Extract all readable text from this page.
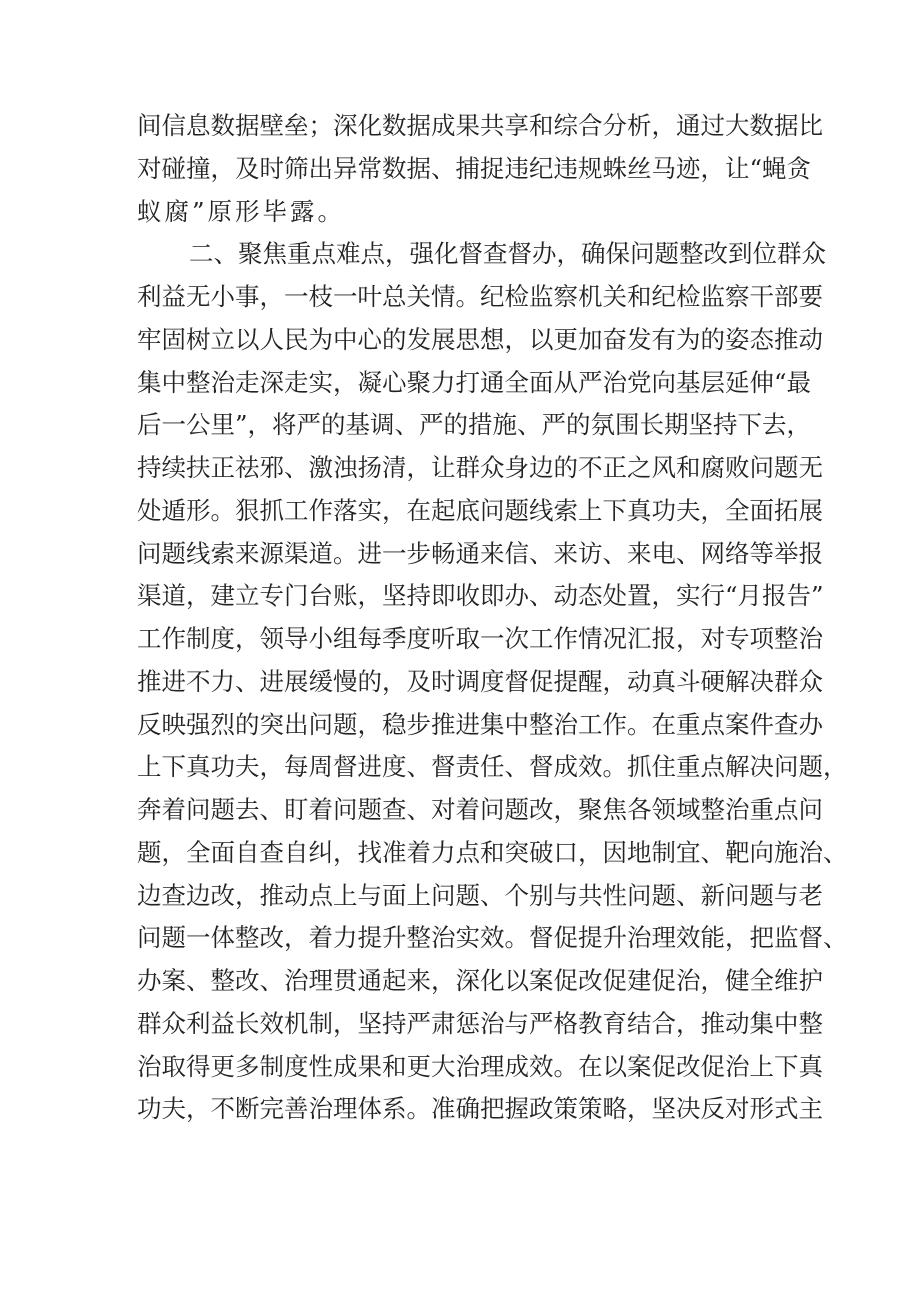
间 信 息 数 据 壁 垒 ； 深 化 数 据 成 果 共 享 和 综 合 分 析 ， 通 过 大 数 据 比
对 碰 撞 ， 及 时 筛 出 异 常 数 据 、 捕 捉 违 纪 违 规 蛛 丝 马 迹 ， 让 “ 蝇 贪
蚁腐”原形毕露。
二 、 聚 焦 重 点 难 点 ， 强 化 督 查 督 办 ， 确 保 问 题 整 改 到 位 群 众
利 益 无 小 事 ， 一 枝 一 叶 总 关 情 。 纪 检 监 察 机 关 和 纪 检 监 察 干 部 要
牢 固 树 立 以 人 民 为 中 心 的 发 展 思 想 ， 以 更 加 奋 发 有 为 的 姿 态 推 动
集 中 整 治 走 深 走 实 ， 凝 心 聚 力 打 通 全 面 从 严 治 党 向 基 层 延 伸 “ 最
后 一 公 里 ” ， 将 严 的 基 调 、 严 的 措 施 、 严 的 氛 围 长 期 坚 持 下 去 ，
持 续 扶 正 祛 邪 、 激 浊 扬 清 ， 让 群 众 身 边 的 不 正 之 风 和 腐 败 问 题 无
处 遁 形 。 狠 抓 工 作 落 实 ， 在 起 底 问 题 线 索 上 下 真 功 夫 ， 全 面 拓 展
问 题 线 索 来 源 渠 道 。 进 一 步 畅 通 来 信 、 来 访 、 来 电 、 网 络 等 举 报
渠 道 ， 建 立 专 门 台 账 ， 坚 持 即 收 即 办 、 动 态 处 置 ， 实 行 “ 月 报 告 ”
工 作 制 度 ， 领 导 小 组 每 季 度 听 取 一 次 工 作 情 况 汇 报 ， 对 专 项 整 治
推 进 不 力 、 进 展 缓 慢 的 ， 及 时 调 度 督 促 提 醒 ， 动 真 斗 硬 解 决 群 众
反 映 强 烈 的 突 出 问 题 ， 稳 步 推 进 集 中 整 治 工 作 。 在 重 点 案 件 查 办
上 下 真 功 夫 ， 每 周 督 进 度 、 督 责 任 、 督 成 效 。 抓 住 重 点 解 决 问 题 ，
奔 着 问 题 去 、 盯 着 问 题 查 、 对 着 问 题 改 ， 聚 焦 各 领 域 整 治 重 点 问
题 ， 全 面 自 查 自 纠 ， 找 准 着 力 点 和 突 破 口 ， 因 地 制 宜 、 靶 向 施 治 、
边 查 边 改 ， 推 动 点 上 与 面 上 问 题 、 个 别 与 共 性 问 题 、 新 问 题 与 老
问 题 一 体 整 改 ， 着 力 提 升 整 治 实 效 。 督 促 提 升 治 理 效 能 ， 把 监 督 、
办 案 、 整 改 、 治 理 贯 通 起 来 ， 深 化 以 案 促 改 促 建 促 治 ， 健 全 维 护
群 众 利 益 长 效 机 制 ， 坚 持 严 肃 惩 治 与 严 格 教 育 结 合 ， 推 动 集 中 整
治 取 得 更 多 制 度 性 成 果 和 更 大 治 理 成 效 。 在 以 案 促 改 促 治 上 下 真
功 夫 ， 不 断 完 善 治 理 体 系 。 准 确 把 握 政 策 策 略 ， 坚 决 反 对 形 式 主
